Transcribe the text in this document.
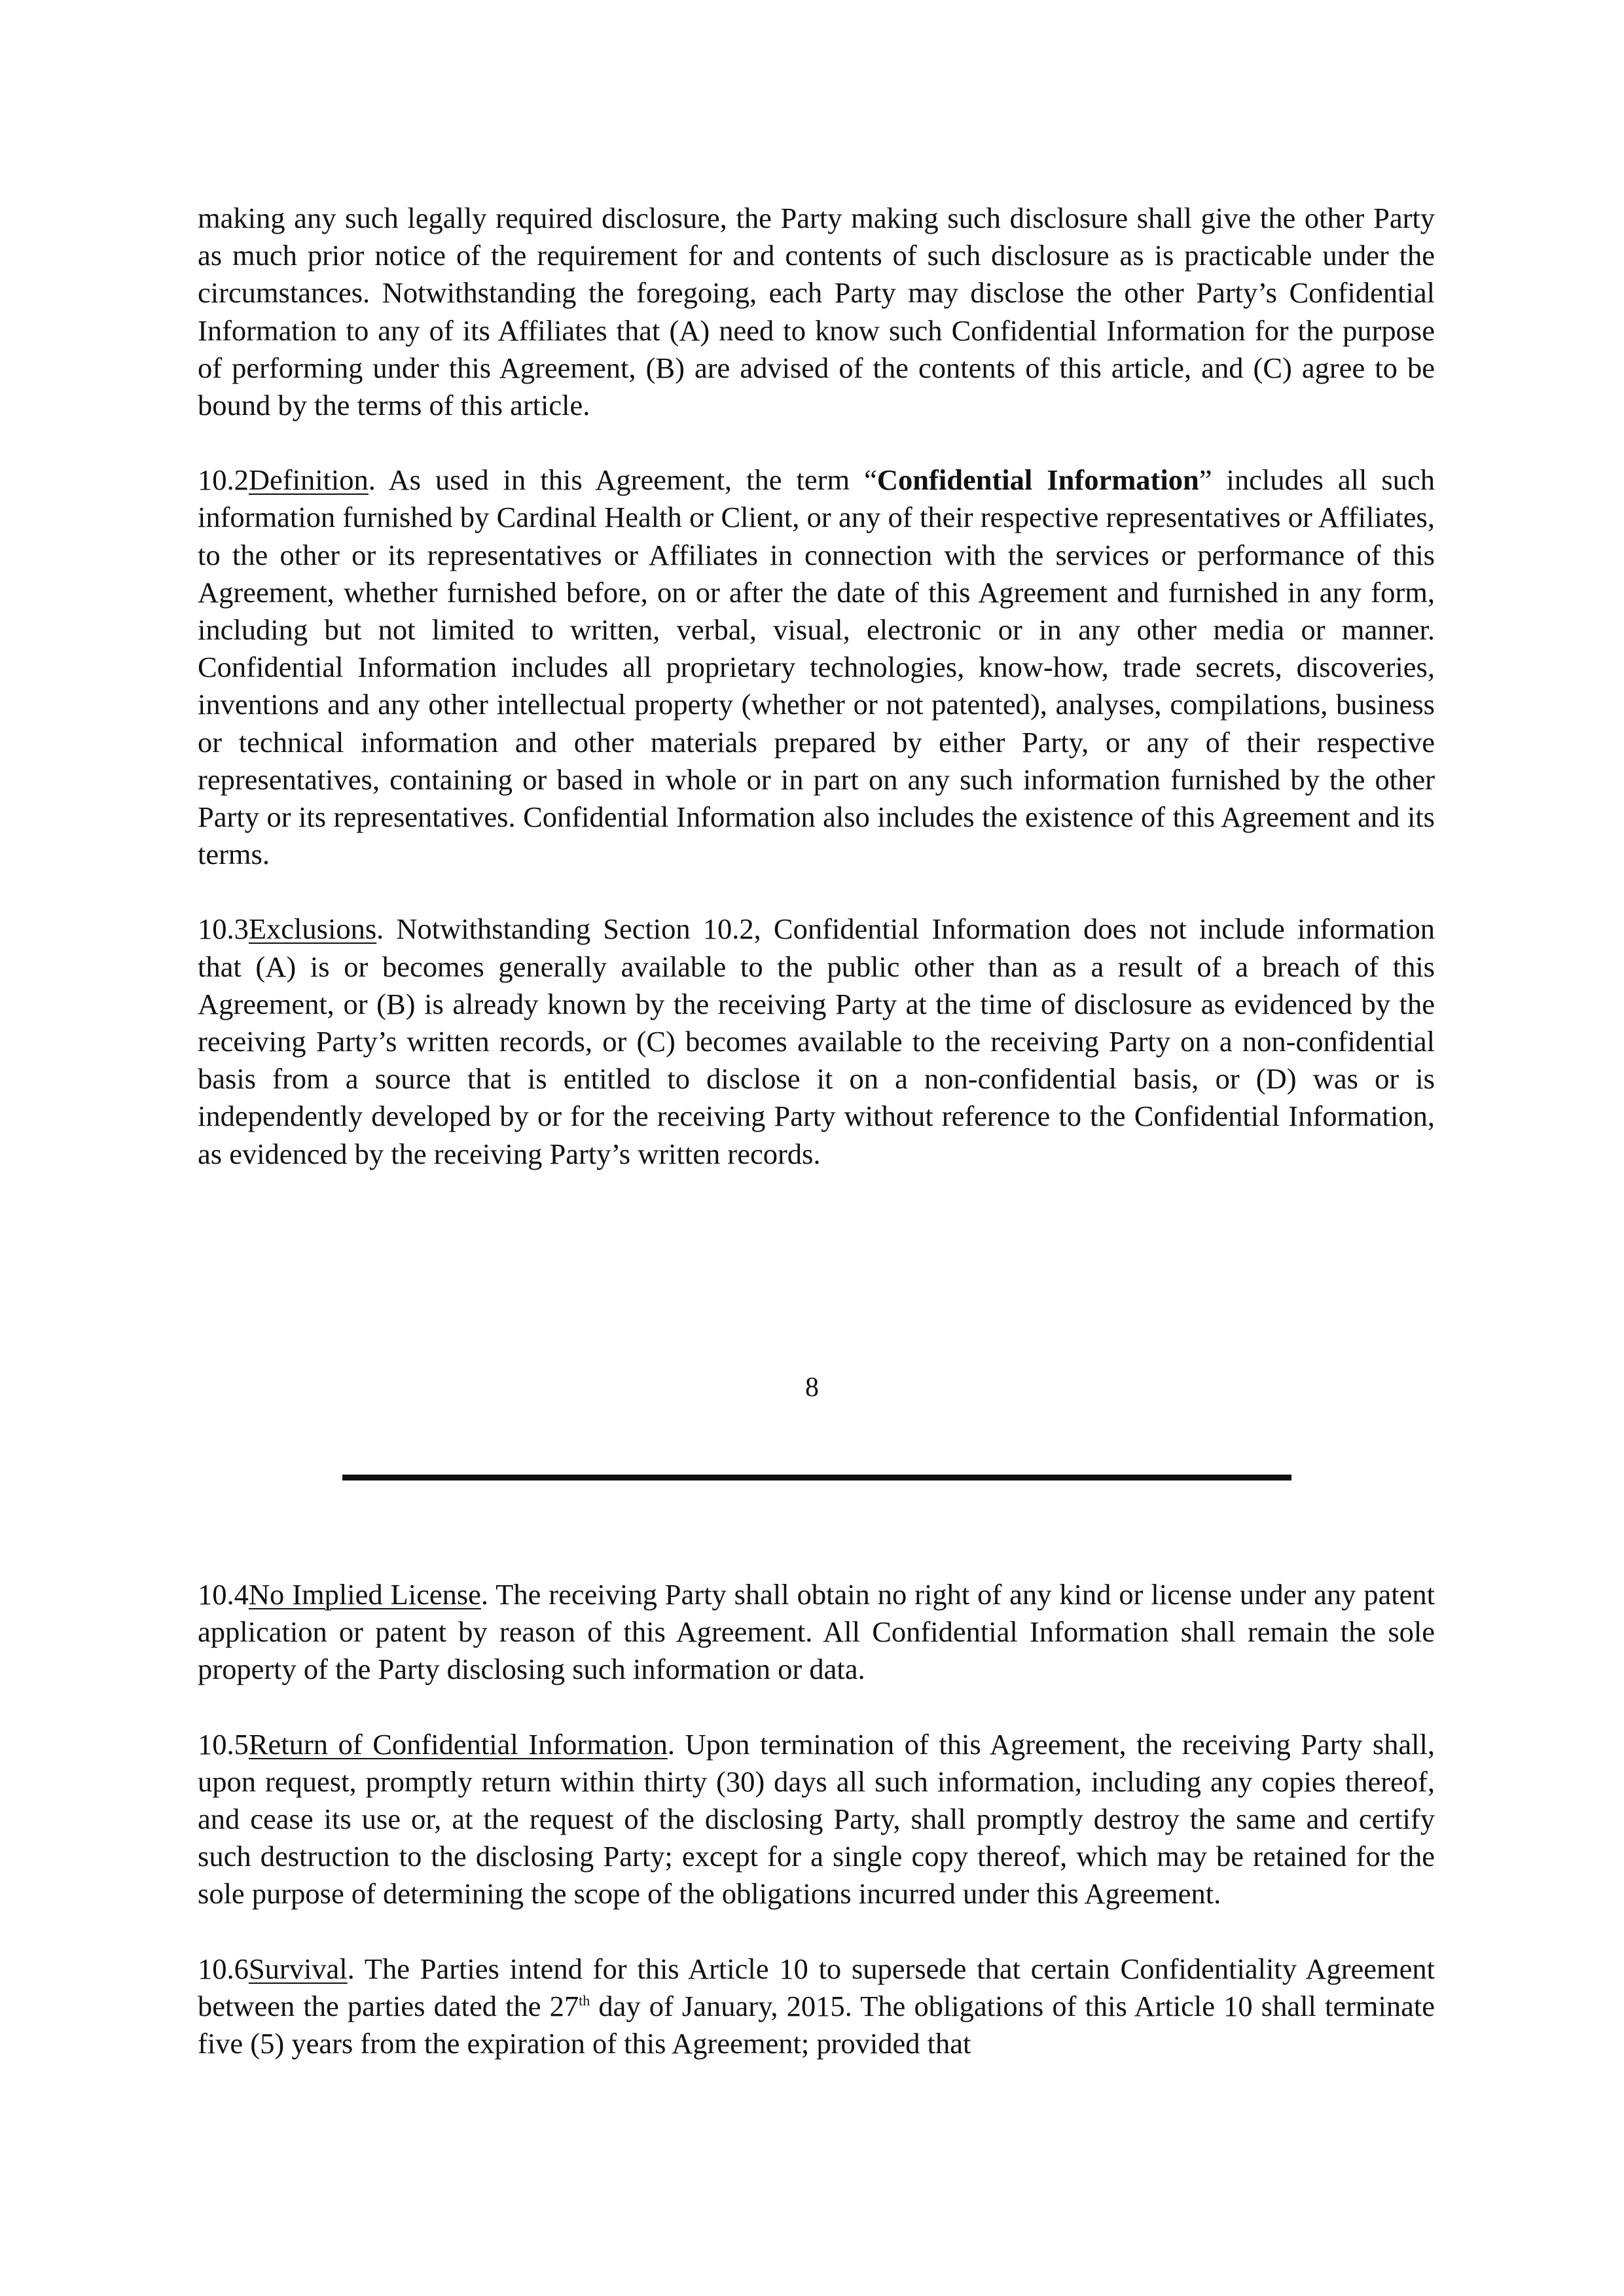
making any such legally required disclosure, the Party making such disclosure shall give the other Party as much prior notice of the requirement for and contents of such disclosure as is practicable under the circumstances. Notwithstanding the foregoing, each Party may disclose the other Party’s Confidential Information to any of its Affiliates that (A) need to know such Confidential Information for the purpose of performing under this Agreement, (B) are advised of the contents of this article, and (C) agree to be bound by the terms of this article.

10.2Definition. As used in this Agreement, the term “Confidential Information” includes all such information furnished by Cardinal Health or Client, or any of their respective representatives or Affiliates, to the other or its representatives or Affiliates in connection with the services or performance of this Agreement, whether furnished before, on or after the date of this Agreement and furnished in any form, including but not limited to written, verbal, visual, electronic or in any other media or manner. Confidential Information includes all proprietary technologies, know-how, trade secrets, discoveries, inventions and any other intellectual property (whether or not patented), analyses, compilations, business or technical information and other materials prepared by either Party, or any of their respective representatives, containing or based in whole or in part on any such information furnished by the other Party or its representatives. Confidential Information also includes the existence of this Agreement and its terms.

10.3Exclusions. Notwithstanding Section 10.2, Confidential Information does not include information that (A) is or becomes generally available to the public other than as a result of a breach of this Agreement, or (B) is already known by the receiving Party at the time of disclosure as evidenced by the receiving Party’s written records, or (C) becomes available to the receiving Party on a non-confidential basis from a source that is entitled to disclose it on a non-confidential basis, or (D) was or is independently developed by or for the receiving Party without reference to the Confidential Information, as evidenced by the receiving Party’s written records.

8

10.4No Implied License. The receiving Party shall obtain no right of any kind or license under any patent application or patent by reason of this Agreement. All Confidential Information shall remain the sole property of the Party disclosing such information or data.

10.5Return of Confidential Information. Upon termination of this Agreement, the receiving Party shall, upon request, promptly return within thirty (30) days all such information, including any copies thereof, and cease its use or, at the request of the disclosing Party, shall promptly destroy the same and certify such destruction to the disclosing Party; except for a single copy thereof, which may be retained for the sole purpose of determining the scope of the obligations incurred under this Agreement.

10.6Survival. The Parties intend for this Article 10 to supersede that certain Confidentiality Agreement between the parties dated the 27th day of January, 2015. The obligations of this Article 10 shall terminate five (5) years from the expiration of this Agreement; provided that
